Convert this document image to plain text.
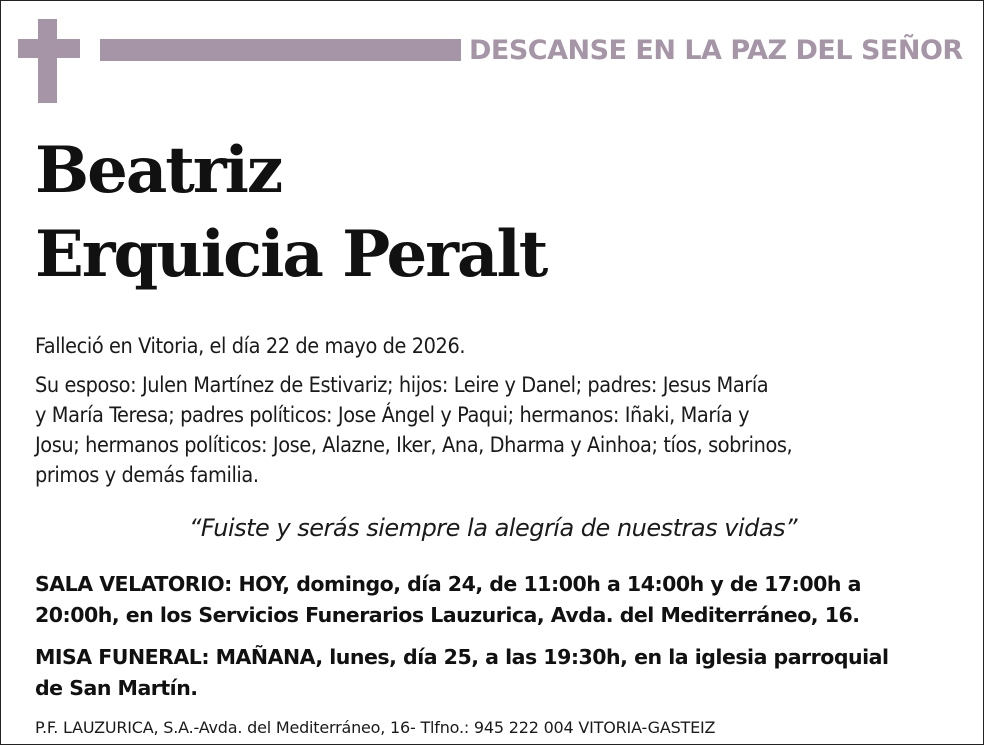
DESCANSE EN LA PAZ DEL SEÑOR
Beatriz
Erquicia Peralt
Falleció en Vitoria, el día 22 de mayo de 2026.
Su esposo: Julen Martínez de Estivariz; hijos: Leire y Danel; padres: Jesus María
y María Teresa; padres políticos: Jose Ángel y Paqui; hermanos: Iñaki, María y
Josu; hermanos políticos: Jose, Alazne, Iker, Ana, Dharma y Ainhoa; tíos, sobrinos,
primos y demás familia.
“Fuiste y serás siempre la alegría de nuestras vidas”
SALA VELATORIO: HOY, domingo, día 24, de 11:00h a 14:00h y de 17:00h a
20:00h, en los Servicios Funerarios Lauzurica, Avda. del Mediterráneo, 16.
MISA FUNERAL: MAÑANA, lunes, día 25, a las 19:30h, en la iglesia parroquial
de San Martín.
P.F. LAUZURICA, S.A.-Avda. del Mediterráneo, 16- Tlfno.: 945 222 004 VITORIA-GASTEIZ
